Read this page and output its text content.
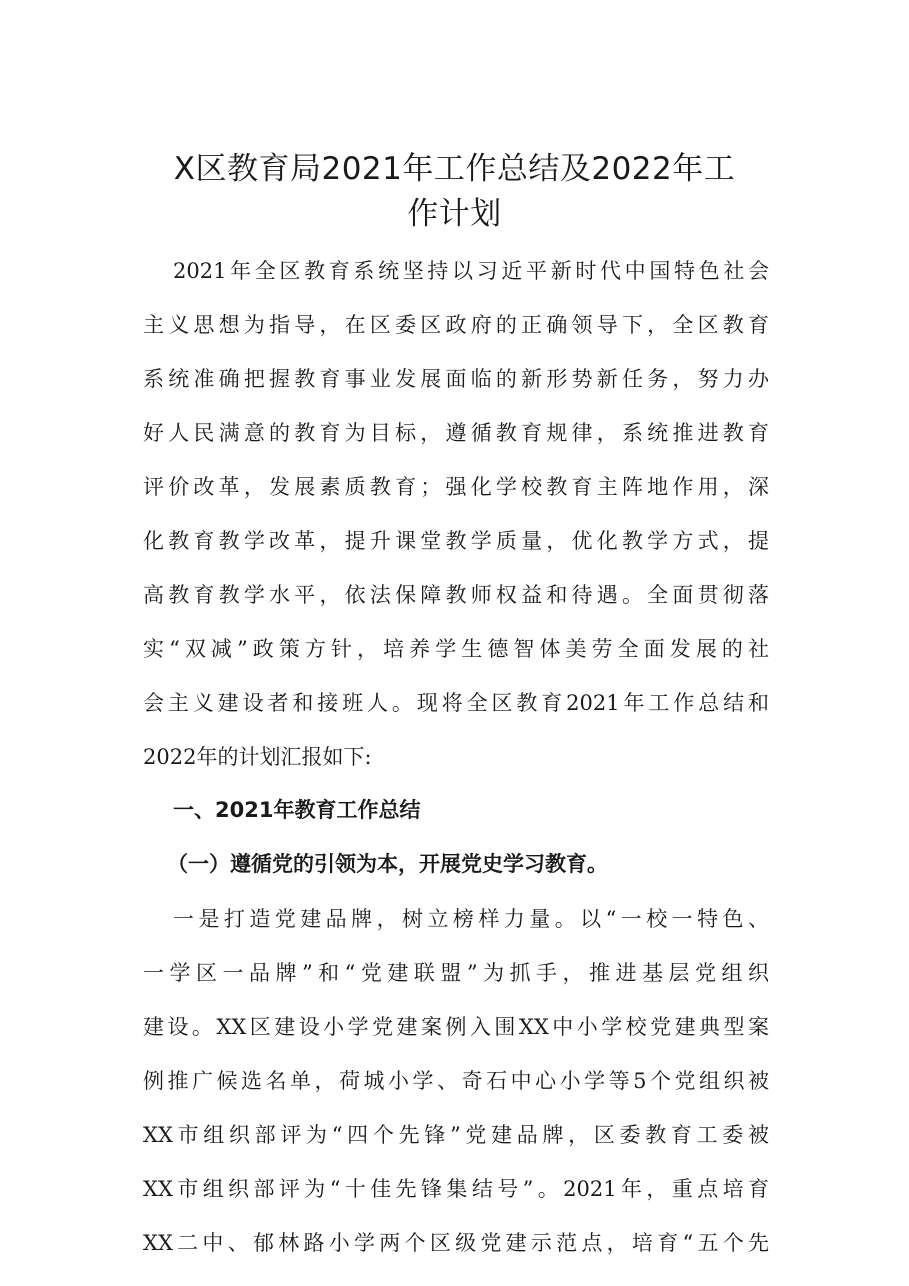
X区教育局2021年工作总结及2022年工
作计划
2021年全区教育系统坚持以习近平新时代中国特色社会
主义思想为指导，在区委区政府的正确领导下，全区教育
系统准确把握教育事业发展面临的新形势新任务，努力办
好人民满意的教育为目标，遵循教育规律，系统推进教育
评价改革，发展素质教育；强化学校教育主阵地作用，深
化教育教学改革，提升课堂教学质量，优化教学方式，提
高教育教学水平，依法保障教师权益和待遇。全面贯彻落
实“双减”政策方针，培养学生德智体美劳全面发展的社
会主义建设者和接班人。现将全区教育2021年工作总结和
2022年的计划汇报如下:
一、2021年教育工作总结
（一）遵循党的引领为本，开展党史学习教育。
一是打造党建品牌，树立榜样力量。以“一校一特色、
一学区一品牌”和“党建联盟”为抓手，推进基层党组织
建设。XX区建设小学党建案例入围XX中小学校党建典型案
例推广候选名单，荷城小学、奇石中心小学等5个党组织被
XX市组织部评为“四个先锋”党建品牌，区委教育工委被
XX市组织部评为“十佳先锋集结号”。2021年，重点培育
XX二中、郁林路小学两个区级党建示范点，培育“五个先
